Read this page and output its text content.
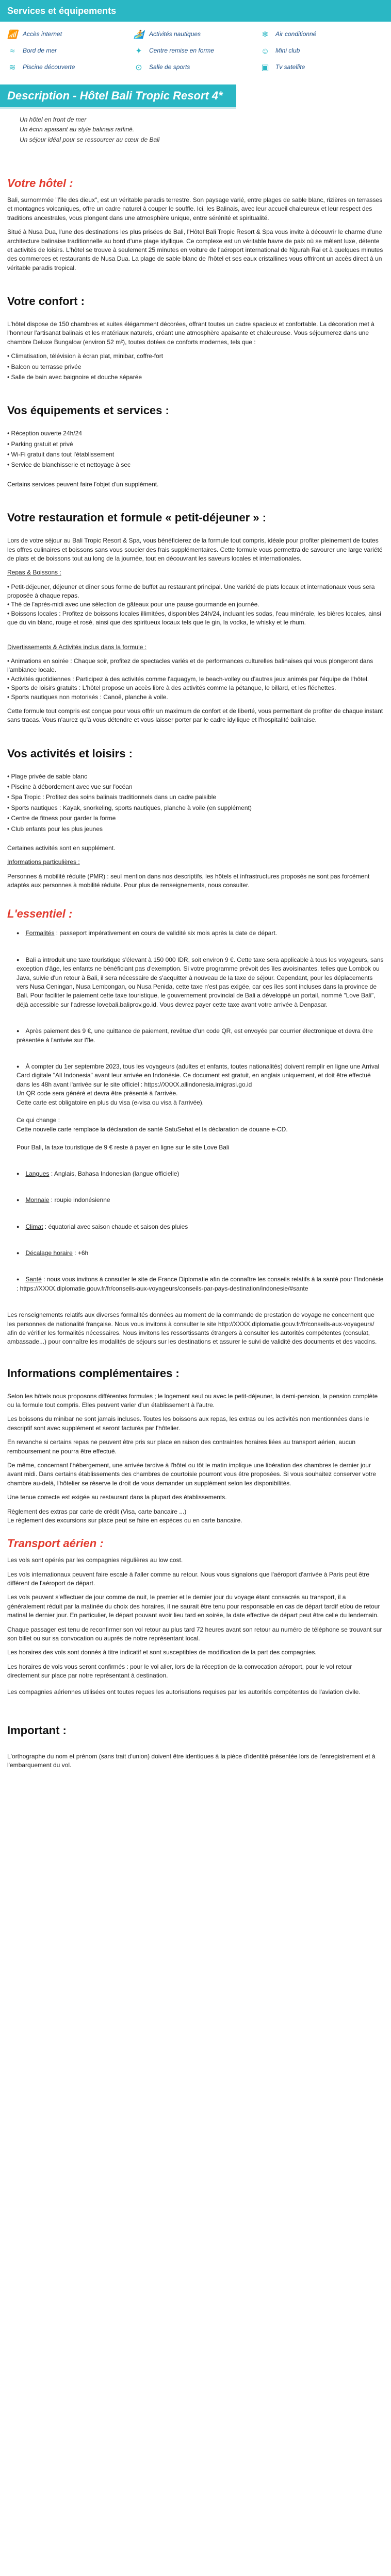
Services et équipements
📶 Accès internet	🏄 Activités nautiques	❄ Air conditionné
≈	Bord de mer	✦ Centre remise en forme	☺ Mini club
≋ Piscine découverte	⊙ Salle de sports	▣ Tv satellite
Description - Hôtel Bali Tropic Resort 4*
Un hôtel en front de mer
Un écrin apaisant au style balinais raffiné.
Un séjour idéal pour se ressourcer au cœur de Bali
Votre hôtel :

Bali, surnommée "l'île des dieux", est un véritable paradis terrestre. Son paysage varié, entre plages de sable blanc, rizières en terrasses et montagnes volcaniques, offre un cadre naturel à couper le souffle. Ici, les Balinais, avec leur accueil chaleureux et leur respect des traditions ancestrales, vous plongent dans une atmosphère unique, entre sérénité et spiritualité.

Situé à Nusa Dua, l'une des destinations les plus prisées de Bali, l'Hôtel Bali Tropic Resort & Spa vous invite à découvrir le charme d'une architecture balinaise traditionnelle au bord d'une plage idyllique. Ce complexe est un véritable havre de paix où se mêlent luxe, détente et activités de loisirs. L'hôtel se trouve à seulement 25 minutes en voiture de l'aéroport international de Ngurah Rai et à quelques minutes des commerces et restaurants de Nusa Dua. La plage de sable blanc de l'hôtel et ses eaux cristallines vous offriront un accès direct à un véritable paradis tropical.

Votre confort :

L'hôtel dispose de 150 chambres et suites élégamment décorées, offrant toutes un cadre spacieux et confortable. La décoration met à l'honneur l'artisanat balinais et les matériaux naturels, créant une atmosphère apaisante et chaleureuse. Vous séjournerez dans une chambre Deluxe Bungalow (environ 52 m²), toutes dotées de conforts modernes, tels que :

• Climatisation, télévision à écran plat, minibar, coffre-fort
• Balcon ou terrasse privée
• Salle de bain avec baignoire et douche séparée
Vos équipements et services :
• Réception ouverte 24h/24
• Parking gratuit et privé
• Wi-Fi gratuit dans tout l'établissement
• Service de blanchisserie et nettoyage à sec

Certains services peuvent faire l'objet d'un supplément.

Votre restauration et formule « petit-déjeuner » :

Lors de votre séjour au Bali Tropic Resort & Spa, vous bénéficierez de la formule tout compris, idéale pour profiter pleinement de toutes les offres culinaires et boissons sans vous soucier des frais supplémentaires. Cette formule vous permettra de savourer une large variété de plats et de boissons tout au long de la journée, tout en découvrant les saveurs locales et internationales.

Repas & Boissons :

• Petit-déjeuner, déjeuner et dîner sous forme de buffet au restaurant principal. Une variété de plats locaux et internationaux vous sera proposée à chaque repas.
• Thé de l'après-midi avec une sélection de gâteaux pour une pause gourmande en journée.
• Boissons locales : Profitez de boissons locales illimitées, disponibles 24h/24, incluant les sodas, l'eau minérale, les bières locales, ainsi que du vin blanc, rouge et rosé, ainsi que des spiritueux locaux tels que le gin, la vodka, le whisky et le rhum.

Divertissements & Activités inclus dans la formule :

• Animations en soirée : Chaque soir, profitez de spectacles variés et de performances culturelles balinaises qui vous plongeront dans l'ambiance locale.
• Activités quotidiennes : Participez à des activités comme l'aquagym, le beach-volley ou d'autres jeux animés par l'équipe de l'hôtel.
• Sports de loisirs gratuits : L'hôtel propose un accès libre à des activités comme la pétanque, le billard, et les fléchettes.
• Sports nautiques non motorisés : Canoë, planche à voile.

Cette formule tout compris est conçue pour vous offrir un maximum de confort et de liberté, vous permettant de profiter de chaque instant sans tracas. Vous n'aurez qu'à vous détendre et vous laisser porter par le cadre idyllique et l'hospitalité balinaise.

Vos activités et loisirs :
• Plage privée de sable blanc
• Piscine à débordement avec vue sur l'océan
• Spa Tropic : Profitez des soins balinais traditionnels dans un cadre paisible
• Sports nautiques : Kayak, snorkeling, sports nautiques, planche à voile (en supplément)
• Centre de fitness pour garder la forme
• Club enfants pour les plus jeunes

Certaines activités sont en supplément.

Informations particulières :

Personnes à mobilité réduite (PMR) : seul mention dans nos descriptifs, les hôtels et infrastructures proposés ne sont pas forcément adaptés aux personnes à mobilité réduite. Pour plus de renseignements, nous consulter.

L'essentiel :
● Formalités : passeport impérativement en cours de validité six mois après la date de départ.
● Bali a introduit une taxe touristique s'élevant à 150 000 IDR, soit environ 9 €. Cette taxe sera applicable à tous les voyageurs, sans exception d'âge, les enfants ne bénéficiant pas d'exemption. Si votre programme prévoit des îles avoisinantes, telles que Lombok ou Java, suivie d'un retour à Bali, il sera nécessaire de s'acquitter à nouveau de la taxe de séjour. Cependant, pour les déplacements vers Nusa Ceningan, Nusa Lembongan, ou Nusa Penida, cette taxe n'est pas exigée, car ces îles sont incluses dans la province de Bali. Pour faciliter le paiement cette taxe touristique, le gouvernement provincial de Bali a développé un portail, nommé "Love Bali", déjà accessible sur l'adresse lovebali.baliprov.go.id. Vous devrez payer cette taxe avant votre arrivée à Denpasar.
● Après paiement des 9 €, une quittance de paiement, revêtue d'un code QR, est envoyée par courrier électronique et devra être présentée à l'arrivée sur l'île.
● À compter du 1er septembre 2023, tous les voyageurs (adultes et enfants, toutes nationalités) doivent remplir en ligne une Arrival Card digitale "All Indonesia" avant leur arrivée en Indonésie. Ce document est gratuit, en anglais uniquement, et doit être effectué dans les 48h avant l'arrivée sur le site officiel : https://XXXX.allindonesia.imigrasi.go.id
Un QR code sera généré et devra être présenté à l'arrivée.
Cette carte est obligatoire en plus du visa (e-visa ou visa à l'arrivée).

Ce qui change :
Cette nouvelle carte remplace la déclaration de santé SatuSehat et la déclaration de douane e-CD.

Pour Bali, la taxe touristique de 9 € reste à payer en ligne sur le site Love Bali
● Langues : Anglais, Bahasa Indonesian (langue officielle)
● Monnaie : roupie indonésienne
● Climat : équatorial avec saison chaude et saison des pluies
● Décalage horaire : +6h
● Santé : nous vous invitons à consulter le site de France Diplomatie afin de connaître les conseils relatifs à la santé pour l'Indonésie : https://XXXX.diplomatie.gouv.fr/fr/conseils-aux-voyageurs/conseils-par-pays-destination/indonesie/#sante

Les renseignements relatifs aux diverses formalités données au moment de la commande de prestation de voyage ne concernent que les personnes de nationalité française. Nous vous invitons à consulter le site http://XXXX.diplomatie.gouv.fr/fr/conseils-aux-voyageurs/ afin de vérifier les formalités nécessaires. Nous invitons les ressortissants étrangers à consulter les autorités compétentes (consulat, ambassade...) pour connaître les modalités de séjours sur les destinations et assurer le suivi de validité des documents et des vaccins.

Informations complémentaires :

Selon les hôtels nous proposons différentes formules ; le logement seul ou avec le petit-déjeuner, la demi-pension, la pension complète ou la formule tout compris. Elles peuvent varier d'un établissement à l'autre.

Les boissons du minibar ne sont jamais incluses. Toutes les boissons aux repas, les extras ou les activités non mentionnées dans le descriptif sont avec supplément et seront facturés par l'hôtelier.

En revanche si certains repas ne peuvent être pris sur place en raison des contraintes horaires liées au transport aérien, aucun remboursement ne pourra être effectué.

De même, concernant l'hébergement, une arrivée tardive à l'hôtel ou tôt le matin implique une libération des chambres le dernier jour avant midi. Dans certains établissements des chambres de courtoisie pourront vous être proposées. Si vous souhaitez conserver votre chambre au-delà, l'hôtelier se réserve le droit de vous demander un supplément selon les disponibilités.

Une tenue correcte est exigée au restaurant dans la plupart des établissements.

Règlement des extras par carte de crédit (Visa, carte bancaire ...)
Le règlement des excursions sur place peut se faire en espèces ou en carte bancaire.

Transport aérien :

Les vols sont opérés par les compagnies régulières au low cost.

Les vols internationaux peuvent faire escale à l'aller comme au retour. Nous vous signalons que l'aéroport d'arrivée à Paris peut être différent de l'aéroport de départ.

Les vols peuvent s'effectuer de jour comme de nuit, le premier et le dernier jour du voyage étant consacrés au transport, il a généralement réduit par la matinée du choix des horaires, il ne saurait être tenu pour responsable en cas de départ tardif et/ou de retour matinal le dernier jour. En particulier, le départ pouvant avoir lieu tard en soirée, la date effective de départ peut être celle du lendemain.

Chaque passager est tenu de reconfirmer son vol retour au plus tard 72 heures avant son retour au numéro de téléphone se trouvant sur son billet ou sur sa convocation ou auprès de notre représentant local.

Les horaires des vols sont donnés à titre indicatif et sont susceptibles de modification de la part des compagnies.

Les horaires de vols vous seront confirmés : pour le vol aller, lors de la réception de la convocation aéroport, pour le vol retour directement sur place par notre représentant à destination.

Les compagnies aériennes utilisées ont toutes reçues les autorisations requises par les autorités compétentes de l'aviation civile.

Important :

L'orthographe du nom et prénom (sans trait d'union) doivent être identiques à la pièce d'identité présentée lors de l'enregistrement et à l'embarquement du vol.
